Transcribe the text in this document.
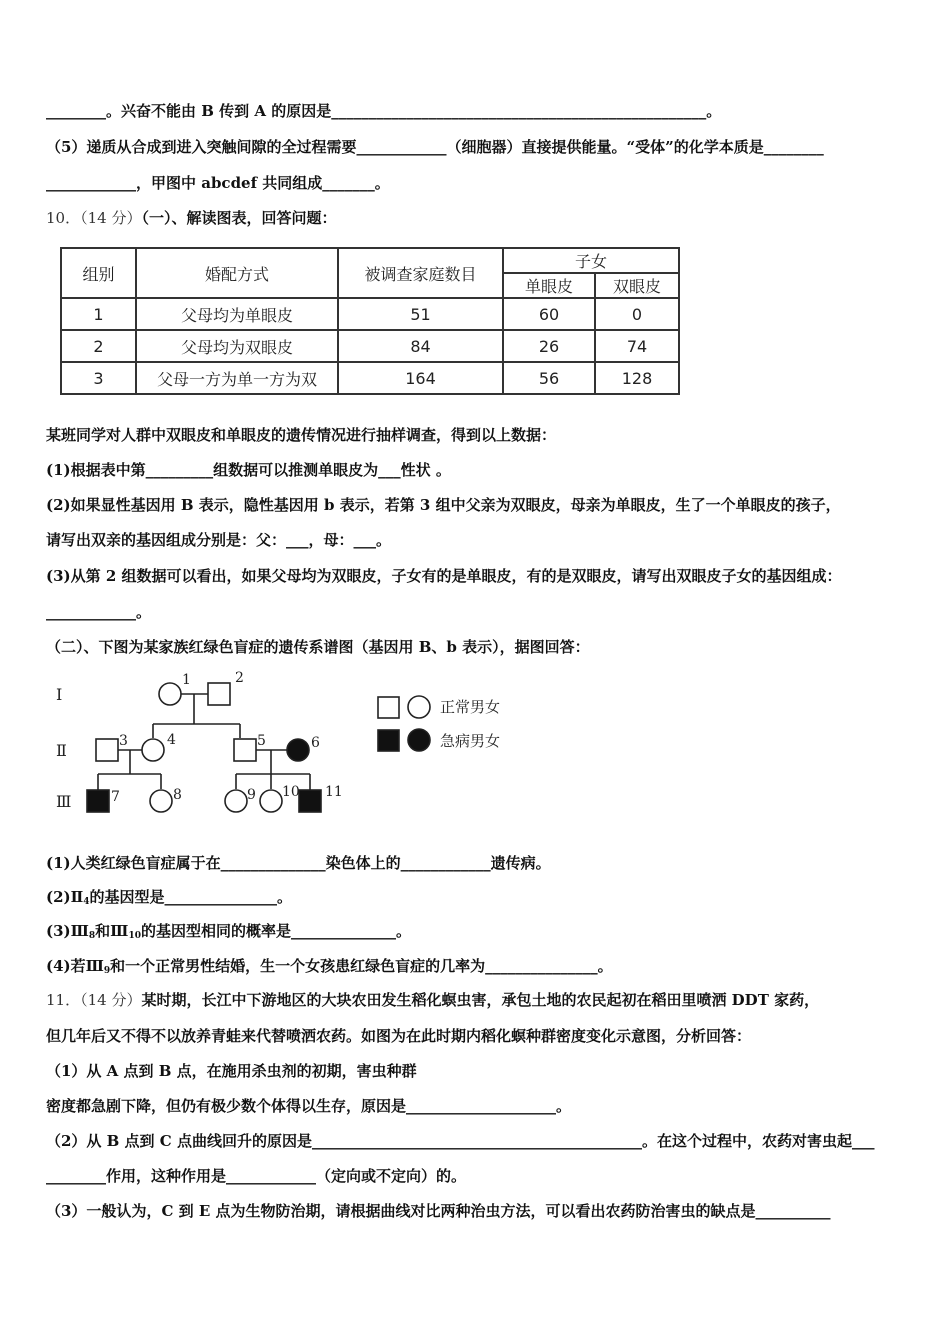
________。兴奋不能由 B 传到 A 的原因是__________________________________________________。
（5）递质从合成到进入突触间隙的全过程需要____________（细胞器）直接提供能量。“受体”的化学本质是________
____________，甲图中 abcdef 共同组成_______。
10．（14 分）（一）、解读图表，回答问题：
组别	婚配方式	被调查家庭数目	子女	
			单眼皮	双眼皮
1	父母均为单眼皮	51	60	0
2	父母均为双眼皮	84	26	74
3	父母一方为单一方为双	164	56	128
某班同学对人群中双眼皮和单眼皮的遗传情况进行抽样调查，得到以上数据：
(1)根据表中第_________组数据可以推测单眼皮为___性状 。
(2)如果显性基因用 B 表示，隐性基因用 b 表示，若第 3 组中父亲为双眼皮，母亲为单眼皮，生了一个单眼皮的孩子，
请写出双亲的基因组成分别是：父：___，母：___。
(3)从第 2 组数据可以看出，如果父母均为双眼皮，子女有的是单眼皮，有的是双眼皮，请写出双眼皮子女的基因组成：
____________。
（二）、下图为某家族红绿色盲症的遗传系谱图（基因用 B、b 表示），据图回答：
Ⅰ
Ⅱ
Ⅲ
1	2
3	4	5	6
7	8	9 10 11
正常男女
急病男女
(1)人类红绿色盲症属于在______________染色体上的____________遗传病。
$(2)Ⅱ_4$的基因型是_______________。
$(3)Ⅲ_8$和$Ⅲ_{10}$的基因型相同的概率是______________。
(4)若$Ⅲ_9$和一个正常男性结婚，生一个女孩患红绿色盲症的几率为_______________。
11．（14 分）某时期，长江中下游地区的大块农田发生稻化螟虫害，承包土地的农民起初在稻田里喷洒 DDT 家药，
但几年后又不得不以放养青蛙来代替喷洒农药。如图为在此时期内稻化螟种群密度变化示意图，分析回答：
（1）从 A 点到 B 点，在施用杀虫剂的初期，害虫种群
密度都急剧下降，但仍有极少数个体得以生存，原因是____________________。
（2）从 B 点到 C 点曲线回升的原因是____________________________________________。在这个过程中，农药对害虫起___
________作用，这种作用是____________（定向或不定向）的。
（3）一般认为，C 到 E 点为生物防治期，请根据曲线对比两种治虫方法，可以看出农药防治害虫的缺点是__________
